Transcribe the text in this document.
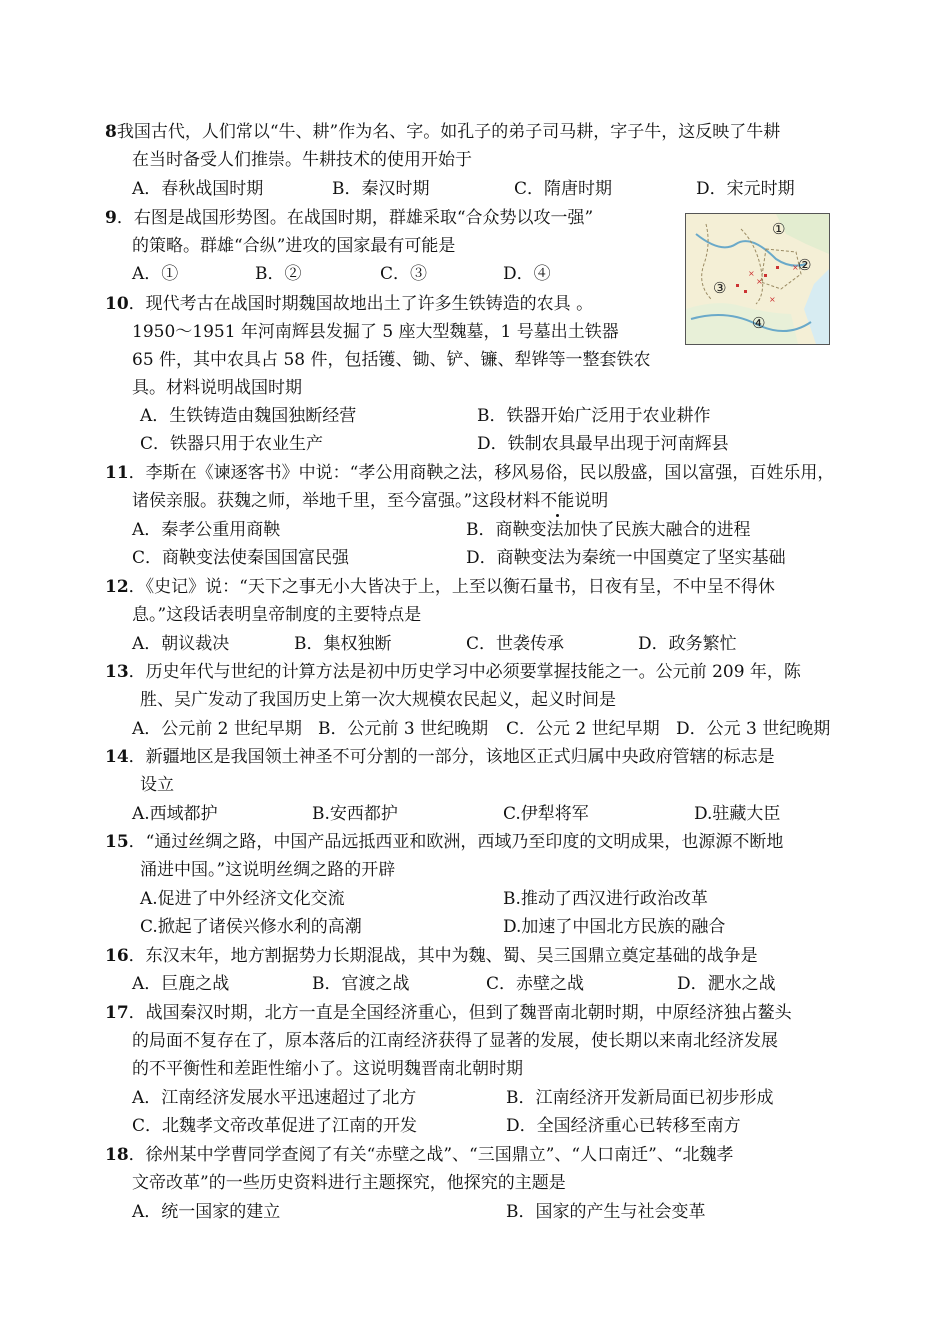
8我国古代，人们常以“牛、耕”作为名、字。如孔子的弟子司马耕，字子牛，这反映了牛耕
在当时备受人们推崇。牛耕技术的使用开始于
A．春秋战国时期	B．秦汉时期	C．隋唐时期	D．宋元时期
9．右图是战国形势图。在战国时期，群雄采取“合众势以攻一强”
的策略。群雄“合纵”进攻的国家最有可能是
A．①	B．②	C．③	D．④	×
×
×
×
①
②
③
④
10．现代考古在战国时期魏国故地出土了许多生铁铸造的农具 。
1950～1951 年河南辉县发掘了 5 座大型魏墓，1 号墓出土铁器
65 件，其中农具占 58 件，包括镬、锄、铲、镰、犁铧等一整套铁农
具。材料说明战国时期
A．生铁铸造由魏国独断经营	B．铁器开始广泛用于农业耕作
C．铁器只用于农业生产	D．铁制农具最早出现于河南辉县
11．李斯在《谏逐客书》中说：“孝公用商鞅之法，移风易俗，民以殷盛，国以富强，百姓乐用，
诸侯亲服。获魏之师，举地千里，至今富强。”这段材料不能说明
A．秦孝公重用商鞅	B．商鞅变法加快了民族大融合的进程
C．商鞅变法使秦国国富民强	D．商鞅变法为秦统一中国奠定了坚实基础
12．《史记》说：“天下之事无小大皆决于上，上至以衡石量书，日夜有呈，不中呈不得休
息。”这段话表明皇帝制度的主要特点是
A．朝议裁决	B．集权独断	C．世袭传承	D．政务繁忙
13．历史年代与世纪的计算方法是初中历史学习中必须要掌握技能之一。公元前 209 年，陈
胜、吴广发动了我国历史上第一次大规模农民起义，起义时间是
A．公元前 2 世纪早期 B．公元前 3 世纪晚期 C．公元 2 世纪早期 D．公元 3 世纪晚期
14．新疆地区是我国领土神圣不可分割的一部分，该地区正式归属中央政府管辖的标志是
设立
A.西域都护	B.安西都护	C.伊犁将军	D.驻藏大臣
15．“通过丝绸之路，中国产品远抵西亚和欧洲，西域乃至印度的文明成果，也源源不断地
涌进中国。”这说明丝绸之路的开辟
A.促进了中外经济文化交流	B.推动了西汉进行政治改革
C.掀起了诸侯兴修水利的高潮	D.加速了中国北方民族的融合
16．东汉末年，地方割据势力长期混战，其中为魏、蜀、吴三国鼎立奠定基础的战争是
A．巨鹿之战	B．官渡之战	C．赤壁之战	D．淝水之战
17．战国秦汉时期，北方一直是全国经济重心，但到了魏晋南北朝时期，中原经济独占鳌头
的局面不复存在了，原本落后的江南经济获得了显著的发展，使长期以来南北经济发展
的不平衡性和差距性缩小了。这说明魏晋南北朝时期
A．江南经济发展水平迅速超过了北方	B．江南经济开发新局面已初步形成
C．北魏孝文帝改革促进了江南的开发	D．全国经济重心已转移至南方
18．徐州某中学曹同学查阅了有关“赤壁之战”、“三国鼎立”、“人口南迁”、“北魏孝
文帝改革”的一些历史资料进行主题探究，他探究的主题是
A．统一国家的建立	B．国家的产生与社会变革
